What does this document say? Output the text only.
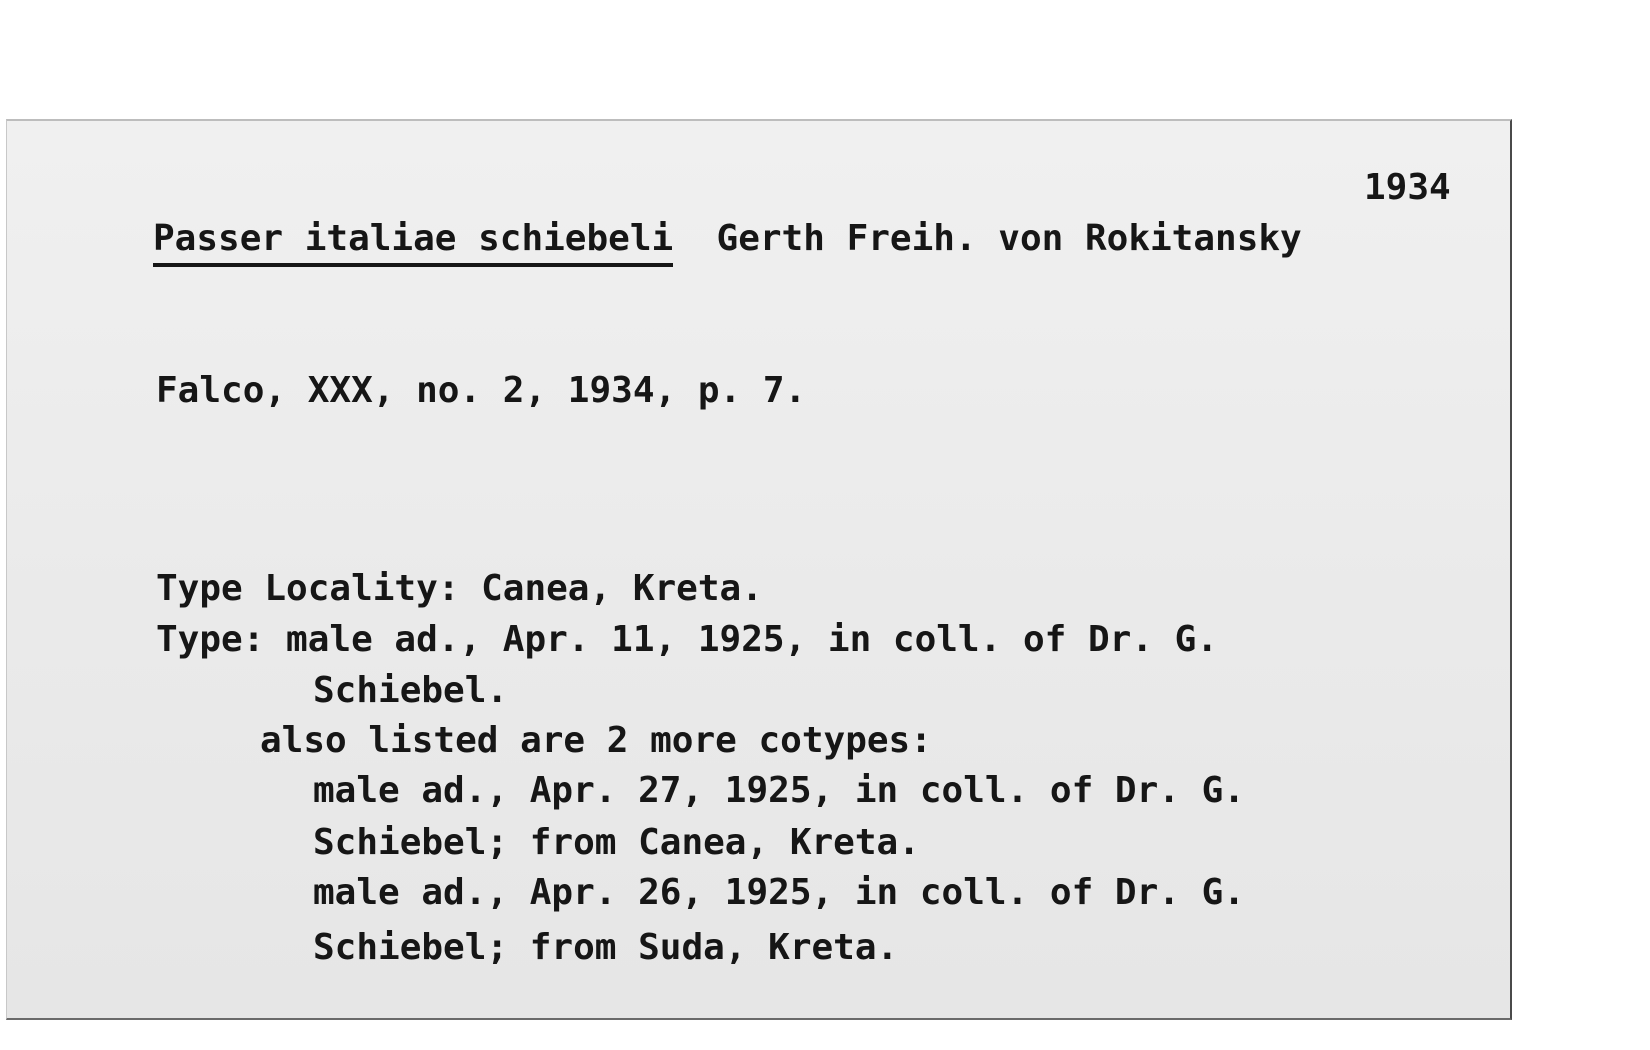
1934

Passer italiae schiebeli Gerth Freih. von Rokitansky

Falco, XXX, no. 2, 1934, p. 7.

Type Locality: Canea, Kreta.

Type: male ad., Apr. 11, 1925, in coll. of Dr. G.

Schiebel.

also listed are 2 more cotypes:

male ad., Apr. 27, 1925, in coll. of Dr. G.

Schiebel; from Canea, Kreta.

male ad., Apr. 26, 1925, in coll. of Dr. G.

Schiebel; from Suda, Kreta.
